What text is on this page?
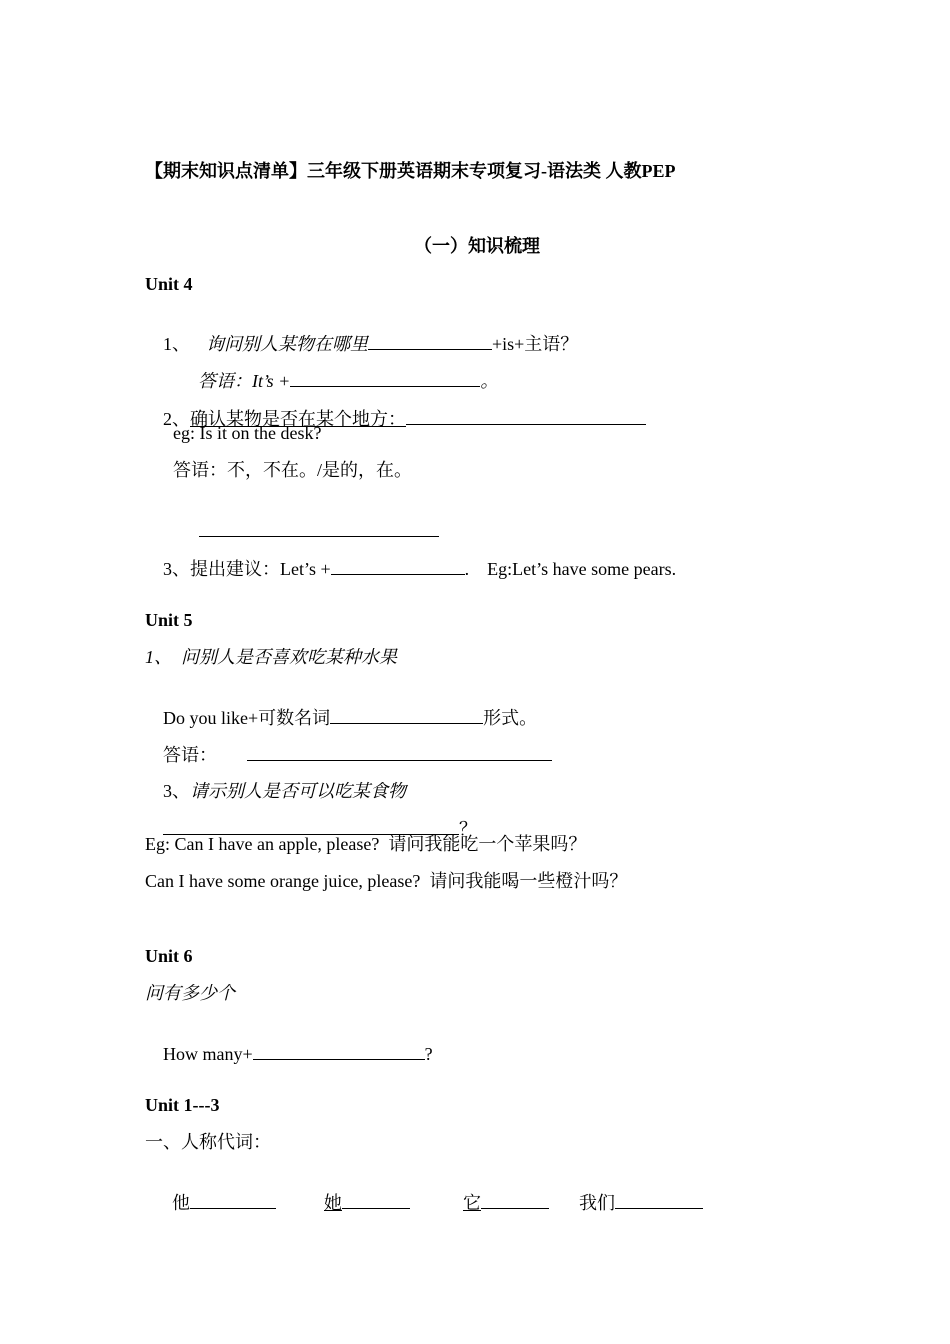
【期末知识点清单】三年级下册英语期末专项复习-语法类 人教PEP
（一）知识梳理
Unit 4

1、 询问别人某物在哪里	+is+主语？

答语：It’s +	。

2、确认某物是否在某个地方：

eg: Is it on the desk?
答语：不，不在。/是的，在。

3、提出建议：Let’s +	.    Eg:Let’s have some pears.

Unit 5
1、  问别人是否喜欢吃某种水果

Do you like+可数名词	形式。

答语：

3、请示别人是否可以吃某食物

？

Eg: Can I have an apple, please?  请问我能吃一个苹果吗？
Can I have some orange juice, please?  请问我能喝一些橙汁吗？
Unit 6
问有多少个

How many+	?

Unit 1---3
一、人称代词：

他
	她
	它
	我们
